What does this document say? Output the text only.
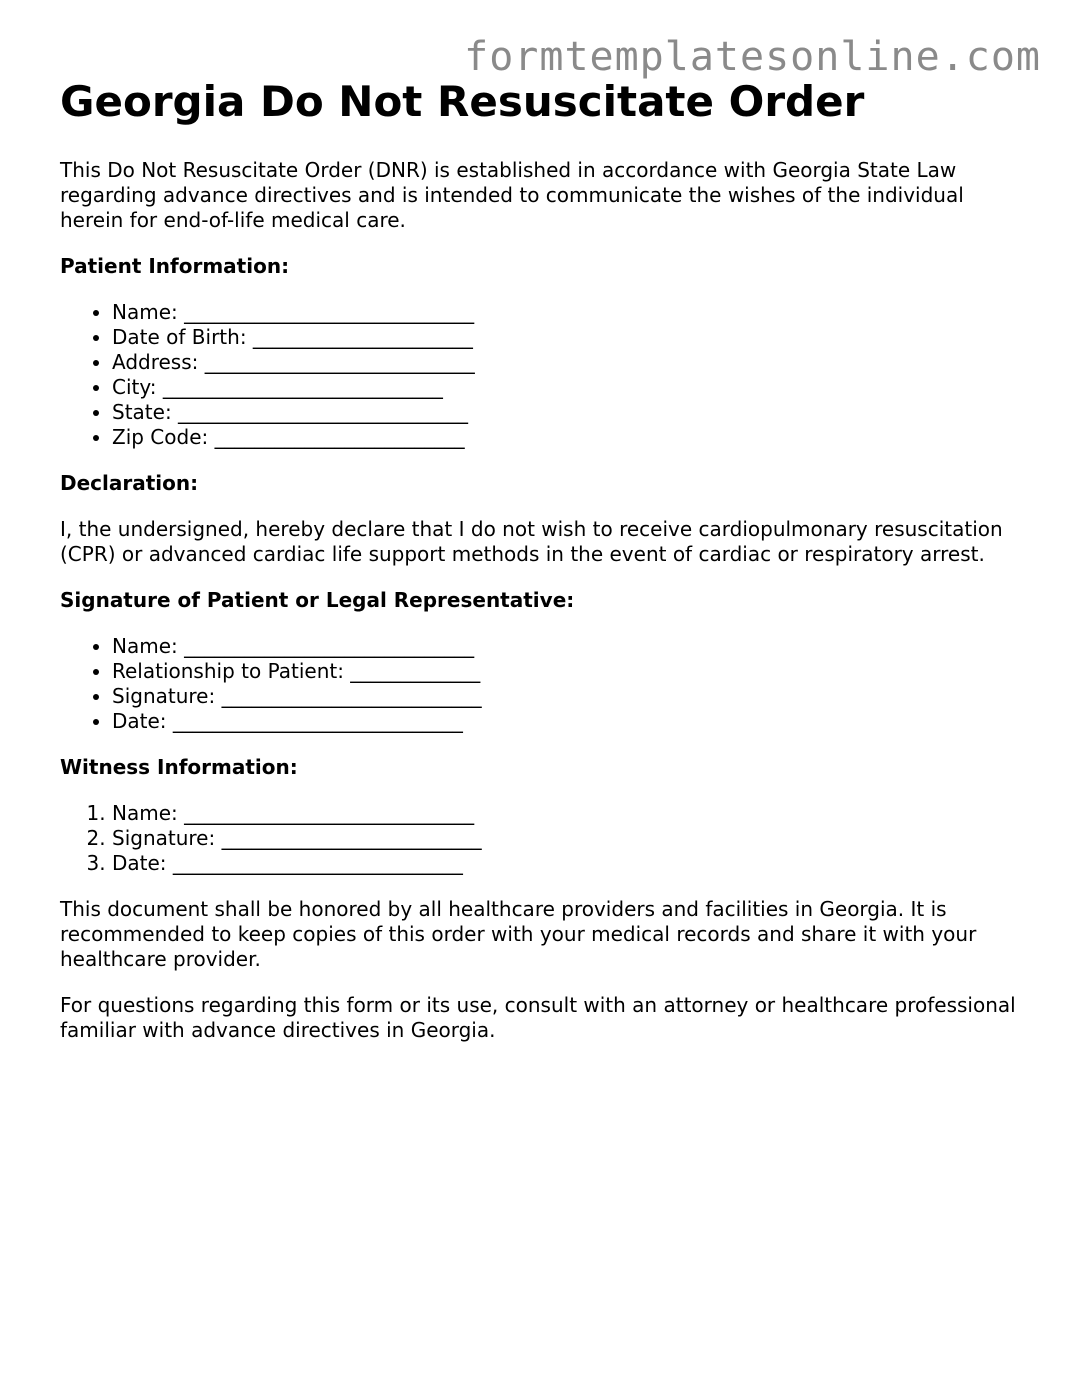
formtemplatesonline.com
Georgia Do Not Resuscitate Order

This Do Not Resuscitate Order (DNR) is established in accordance with Georgia State Law regarding advance directives and is intended to communicate the wishes of the individual herein for end-of-life medical care.

Patient Information:

• Name: _____________________________
• Date of Birth: ______________________
• Address: ___________________________
• City: ____________________________
• State: _____________________________
• Zip Code: _________________________

Declaration:

I, the undersigned, hereby declare that I do not wish to receive cardiopulmonary resuscitation (CPR) or advanced cardiac life support methods in the event of cardiac or respiratory arrest.

Signature of Patient or Legal Representative:

• Name: _____________________________
• Relationship to Patient: _____________
• Signature: __________________________
• Date: _____________________________

Witness Information:

1. Name: _____________________________
2. Signature: __________________________
3. Date: _____________________________

This document shall be honored by all healthcare providers and facilities in Georgia. It is recommended to keep copies of this order with your medical records and share it with your healthcare provider.

For questions regarding this form or its use, consult with an attorney or healthcare professional familiar with advance directives in Georgia.
